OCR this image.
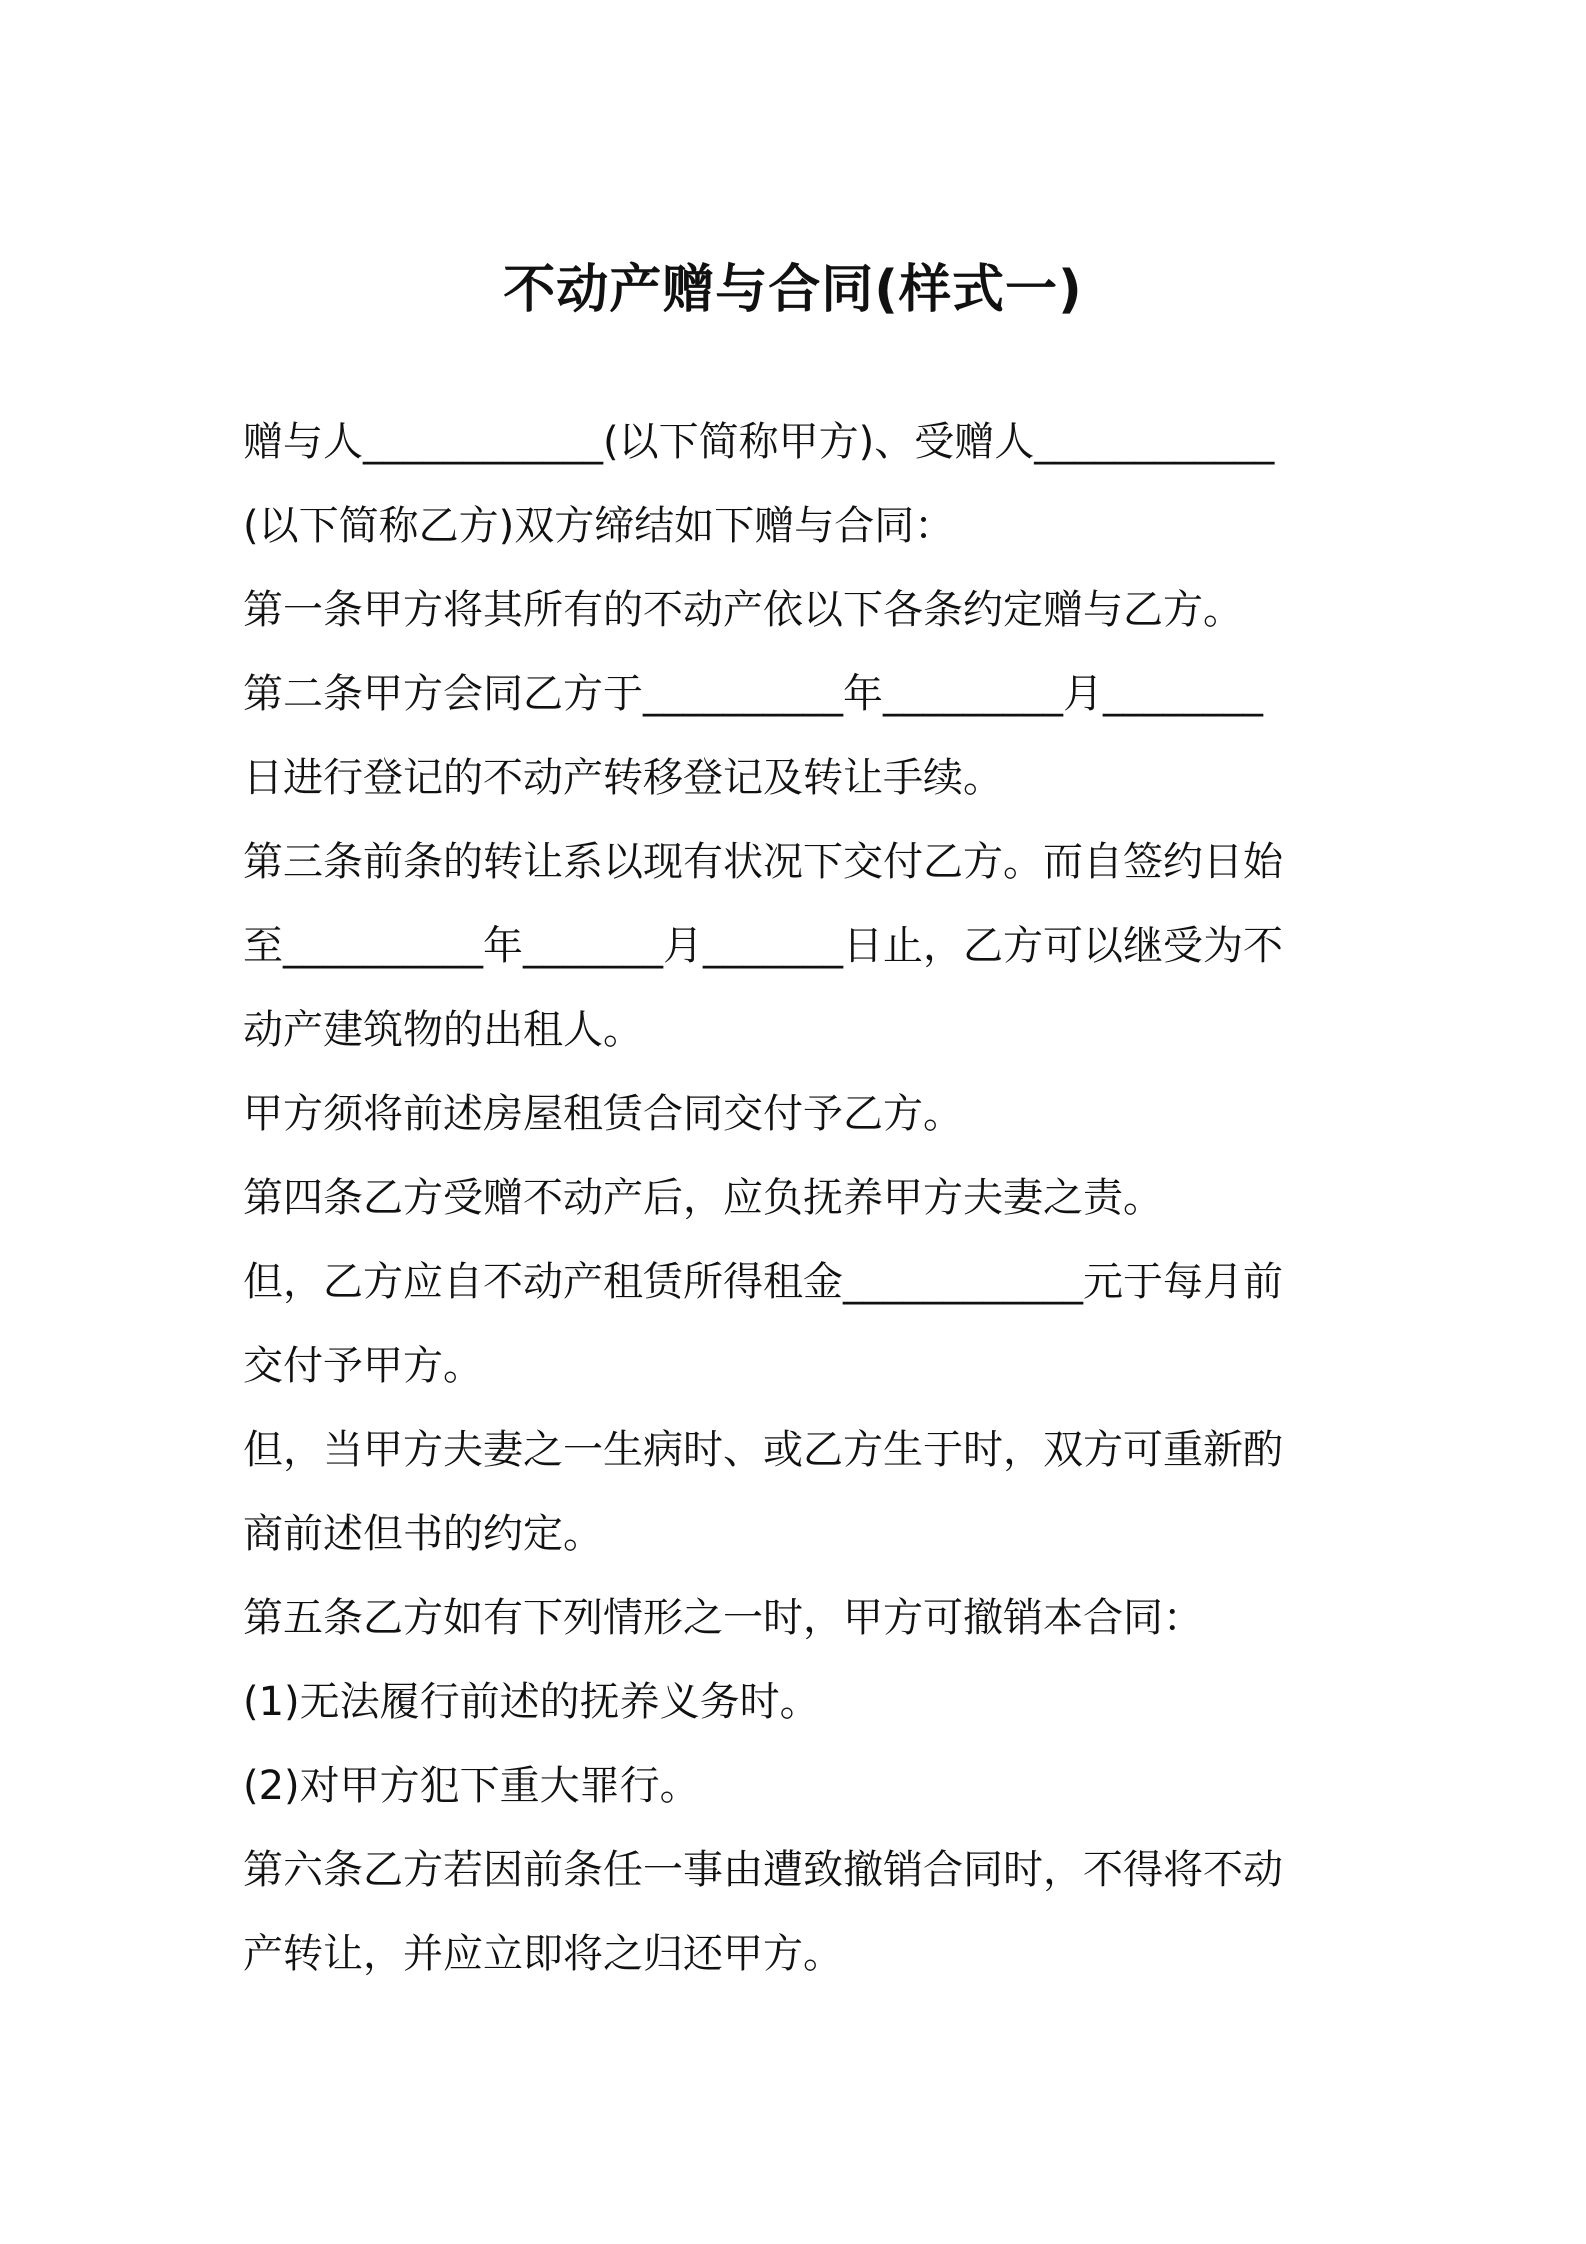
不动产赠与合同(样式一)
赠与人____________(以下简称甲方)、受赠人____________
(以下简称乙方)双方缔结如下赠与合同：
第一条甲方将其所有的不动产依以下各条约定赠与乙方。
第二条甲方会同乙方于__________年_________月________
日进行登记的不动产转移登记及转让手续。
第三条前条的转让系以现有状况下交付乙方。而自签约日始
至__________年_______月_______日止，乙方可以继受为不
动产建筑物的出租人。
甲方须将前述房屋租赁合同交付予乙方。
第四条乙方受赠不动产后，应负抚养甲方夫妻之责。
但，乙方应自不动产租赁所得租金____________元于每月前
交付予甲方。
但，当甲方夫妻之一生病时、或乙方生于时，双方可重新酌
商前述但书的约定。
第五条乙方如有下列情形之一时，甲方可撤销本合同：
(1)无法履行前述的抚养义务时。
(2)对甲方犯下重大罪行。
第六条乙方若因前条任一事由遭致撤销合同时，不得将不动
产转让，并应立即将之归还甲方。
